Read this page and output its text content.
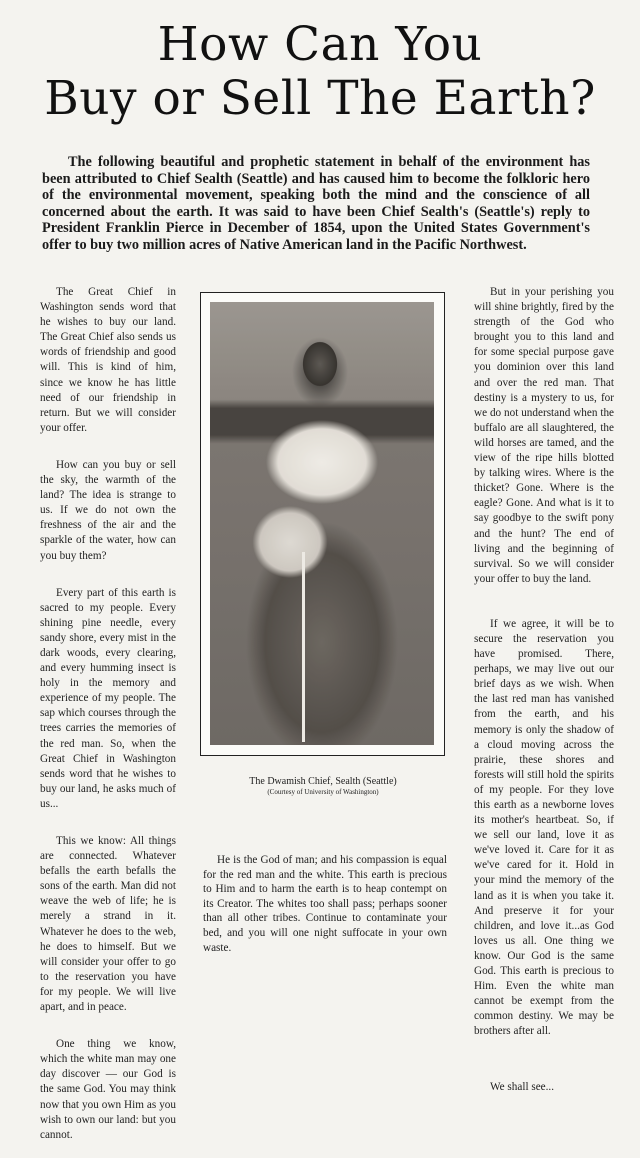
How Can You
Buy or Sell The Earth?
The following beautiful and prophetic statement in behalf of the environment has been attributed to Chief Sealth (Seattle) and has caused him to become the folkloric hero of the environmental movement, speaking both the mind and the conscience of all concerned about the earth. It was said to have been Chief Sealth's (Seattle's) reply to President Franklin Pierce in December of 1854, upon the United States Government's offer to buy two million acres of Native American land in the Pacific Northwest.

The Great Chief in Washington sends word that he wishes to buy our land. The Great Chief also sends us words of friendship and good will. This is kind of him, since we know he has little need of our friendship in return. But we will consider your offer.

How can you buy or sell the sky, the warmth of the land? The idea is strange to us. If we do not own the freshness of the air and the sparkle of the water, how can you buy them?

Every part of this earth is sacred to my people. Every shining pine needle, every sandy shore, every mist in the dark woods, every clearing, and every humming insect is holy in the memory and experience of my people. The sap which courses through the trees carries the memories of the red man. So, when the Great Chief in Washington sends word that he wishes to buy our land, he asks much of us...

This we know: All things are connected. Whatever befalls the earth befalls the sons of the earth. Man did not weave the web of life; he is merely a strand in it. Whatever he does to the web, he does to himself. But we will consider your offer to go to the reservation you have for my people. We will live apart, and in peace.

One thing we know, which the white man may one day discover — our God is the same God. You may think now that you own Him as you wish to own our land: but you cannot.

The Dwamish Chief, Sealth (Seattle)
(Courtesy of University of Washington)

He is the God of man; and his compassion is equal for the red man and the white. This earth is precious to Him and to harm the earth is to heap contempt on its Creator. The whites too shall pass; perhaps sooner than all other tribes. Continue to contaminate your bed, and you will one night suffocate in your own waste.

But in your perishing you will shine brightly, fired by the strength of the God who brought you to this land and for some special purpose gave you dominion over this land and over the red man. That destiny is a mystery to us, for we do not understand when the buffalo are all slaughtered, the wild horses are tamed, and the view of the ripe hills blotted by talking wires. Where is the thicket? Gone. Where is the eagle? Gone. And what is it to say goodbye to the swift pony and the hunt? The end of living and the beginning of survival. So we will consider your offer to buy the land.

If we agree, it will be to secure the reservation you have promised. There, perhaps, we may live out our brief days as we wish. When the last red man has vanished from the earth, and his memory is only the shadow of a cloud moving across the prairie, these shores and forests will still hold the spirits of my people. For they love this earth as a newborne loves its mother's heartbeat. So, if we sell our land, love it as we've loved it. Care for it as we've cared for it. Hold in your mind the memory of the land as it is when you take it. And preserve it for your children, and love it...as God loves us all. One thing we know. Our God is the same God. This earth is precious to Him. Even the white man cannot be exempt from the common destiny. We may be brothers after all.

We shall see...
